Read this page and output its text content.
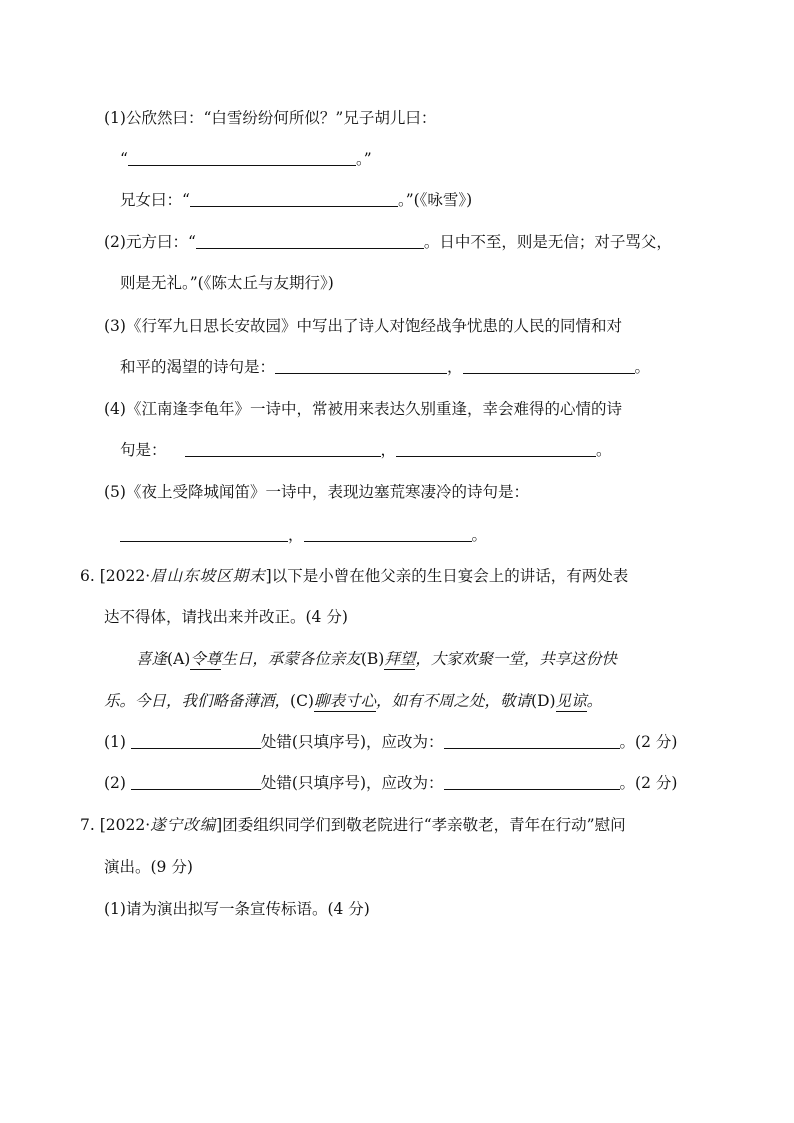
(1)公欣然曰：“白雪纷纷何所似？”兄子胡儿曰：
“	。”
兄女曰：“	。”(《咏雪》)
(2)元方曰：“	。日中不至，则是无信；对子骂父，
则是无礼。”(《陈太丘与友期行》)
(3)《行军九日思长安故园》中写出了诗人对饱经战争忧患的人民的同情和对
和平的渴望的诗句是：	，	。
(4)《江南逢李龟年》一诗中，常被用来表达久别重逢，幸会难得的心情的诗
句是：	，	。
(5)《夜上受降城闻笛》一诗中，表现边塞荒寒凄冷的诗句是：
，	。
6. [2022·眉山东坡区期末]以下是小曾在他父亲的生日宴会上的讲话，有两处表
达不得体，请找出来并改正。(4 分)
喜逢(A)令尊生日，承蒙各位亲友(B)拜望，大家欢聚一堂，共享这份快
乐。今日，我们略备薄酒，(C)聊表寸心，如有不周之处，敬请(D)见谅。
(1)	处错(只填序号)，应改为：	。(2 分)
(2)	处错(只填序号)，应改为：	。(2 分)
7. [2022·遂宁改编]团委组织同学们到敬老院进行“孝亲敬老，青年在行动”慰问
演出。(9 分)
(1)请为演出拟写一条宣传标语。(4 分)
